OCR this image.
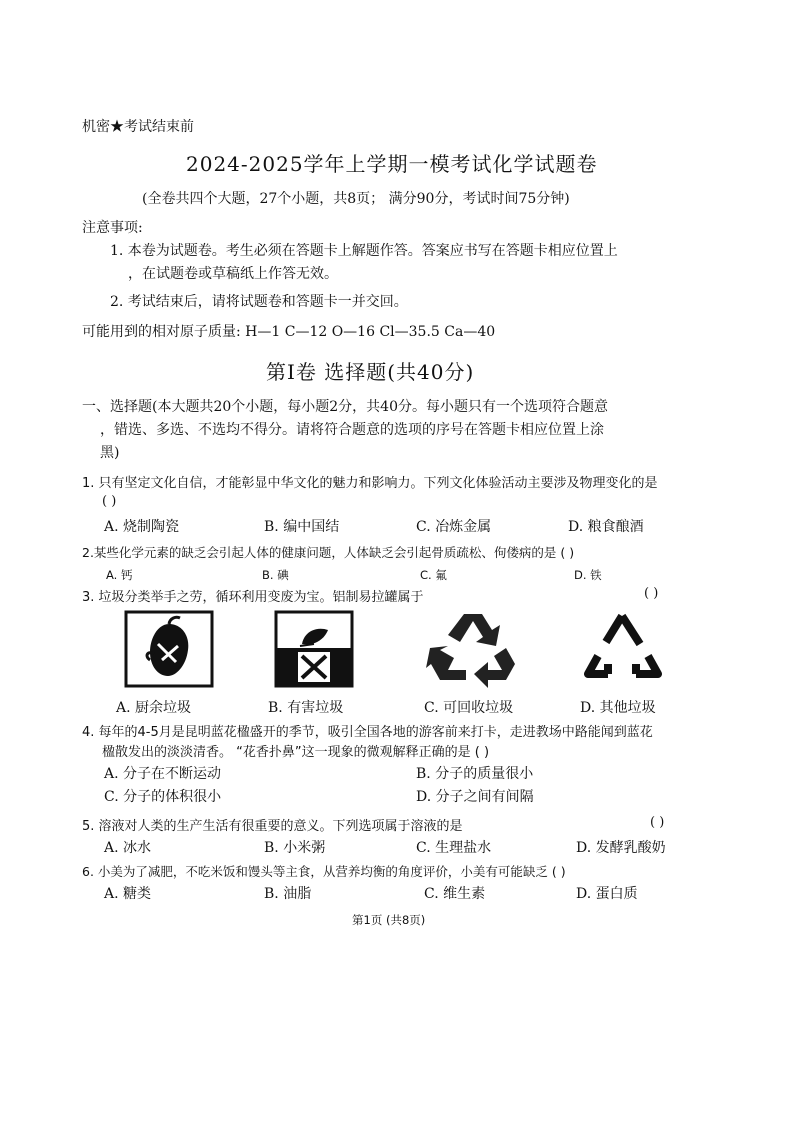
机密★考试结束前
2024-2025学年上学期一模考试化学试题卷
(全卷共四个大题，27个小题，共8页； 满分90分，考试时间75分钟)
注意事项:
1. 本卷为试题卷。考生必须在答题卡上解题作答。答案应书写在答题卡相应位置上
，在试题卷或草稿纸上作答无效。
2. 考试结束后，请将试题卷和答题卡一并交回。
可能用到的相对原子质量: H—1 C—12 O—16 Cl—35.5 Ca—40
第Ⅰ卷 选择题(共40分)
一、选择题(本大题共20个小题，每小题2分，共40分。每小题只有一个选项符合题意
，错选、多选、不选均不得分。请将符合题意的选项的序号在答题卡相应位置上涂
黑)
1. 只有坚定文化自信，才能彰显中华文化的魅力和影响力。下列文化体验活动主要涉及物理变化的是
( )
A. 烧制陶瓷	B. 编中国结	C. 冶炼金属	D. 粮食酿酒
2.某些化学元素的缺乏会引起人体的健康问题，人体缺乏会引起骨质疏松、佝偻病的是 ( )
A. 钙	B. 碘	C. 氟	D. 铁
3. 垃圾分类举手之劳，循环利用变废为宝。铝制易拉罐属于	( )
A. 厨余垃圾	B. 有害垃圾	C. 可回收垃圾	D. 其他垃圾
4. 每年的4-5月是昆明蓝花楹盛开的季节，吸引全国各地的游客前来打卡，走进教场中路能闻到蓝花
楹散发出的淡淡清香。 “花香扑鼻”这一现象的微观解释正确的是 ( )
A. 分子在不断运动	B. 分子的质量很小
C. 分子的体积很小	D. 分子之间有间隔
5. 溶液对人类的生产生活有很重要的意义。下列选项属于溶液的是	( )
A. 冰水	B. 小米粥	C. 生理盐水	D. 发酵乳酸奶
6. 小美为了减肥，不吃米饭和馒头等主食，从营养均衡的角度评价，小美有可能缺乏 ( )
A. 糖类	B. 油脂	C. 维生素	D. 蛋白质
第1页 (共8页)
